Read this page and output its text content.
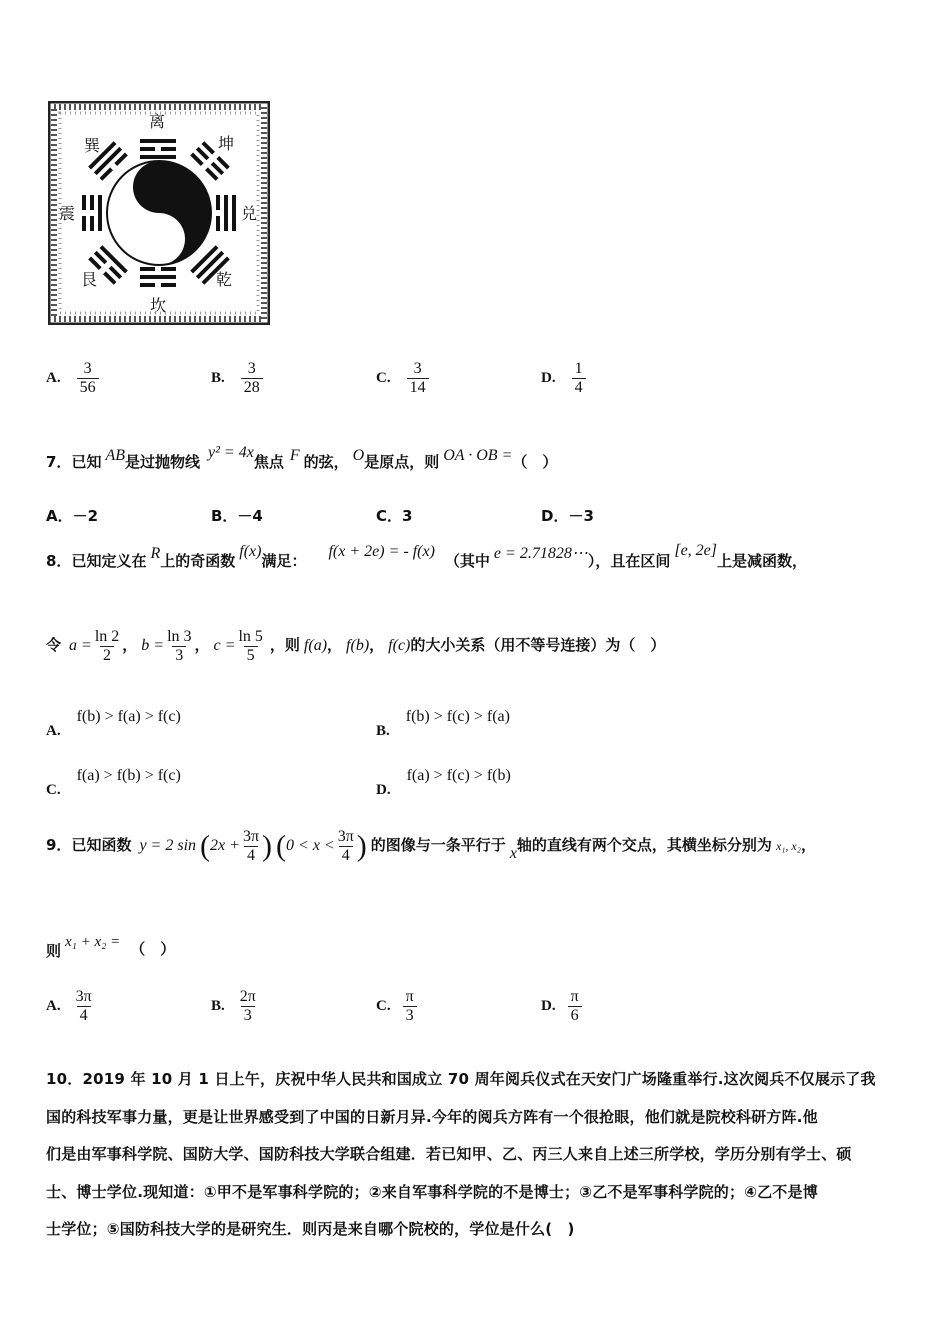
离
坤
兑
乾
坎
艮
震
巽
A. $\frac{3}{56}$	B. $\frac{3}{28}$	C. $\frac{3}{14}$	D. $\frac{1}{4}$
7．已知 AB是过抛物线 y² = 4x焦点 F 的弦， O是原点，则 OA · OB =（　）
A．－2	B．－4	C．3	D．－3
8．已知定义在 R上的奇函数 f(x)满足： f(x + 2e) = - f(x)（其中 e = 2.71828⋯），且在区间 [e, 2e]上是减函数，
令 $a = \frac{\ln 2}{2}$ ， $b = \frac{\ln 3}{3}$ ， $c = \frac{\ln 5}{5}$ ，则 f(a)， f(b)， f(c)的大小关系（用不等号连接）为（　）
A.f(b) > f(a) > f(c)
B.f(b) > f(c) > f(a)
C.f(a) > f(b) > f(c)
D.f(a) > f(c) > f(b)
9．已知函数 y = 2 $\sin (2x + \frac{3\pi}{4}$ ) ($0 < x < \frac{3\pi}{4}$ ) 的图像与一条平行于 x轴的直线有两个交点，其横坐标分别为 x₁, x₂，
则 x₁ + x₂ = （　）
A. $\frac{3\pi}{4}$	B. $\frac{2\pi}{3}$	C. $\frac{\pi}{3}$	D. $\frac{\pi}{6}$
10．2019 年 10 月 1 日上午，庆祝中华人民共和国成立 70 周年阅兵仪式在天安门广场隆重举行.这次阅兵不仅展示了我
国的科技军事力量，更是让世界感受到了中国的日新月异.今年的阅兵方阵有一个很抢眼，他们就是院校科研方阵.他
们是由军事科学院、国防大学、国防科技大学联合组建．若已知甲、乙、丙三人来自上述三所学校，学历分别有学士、硕
士、博士学位.现知道：①甲不是军事科学院的；②来自军事科学院的不是博士；③乙不是军事科学院的；④乙不是博
士学位；⑤国防科技大学的是研究生．则丙是来自哪个院校的，学位是什么(　)
